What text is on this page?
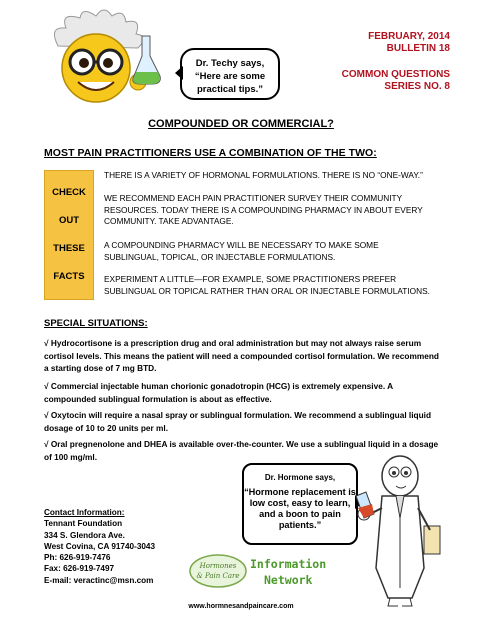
Dr. Techy says,
“Here are some practical tips.”
FEBRUARY, 2014
BULLETIN 18
COMMON QUESTIONS
SERIES NO. 8
COMPOUNDED OR COMMERCIAL?
MOST PAIN PRACTITIONERS USE A COMBINATION OF THE TWO:
CHECK
OUT
THESE
FACTS
THERE IS A VARIETY OF HORMONAL FORMULATIONS. THERE IS NO “ONE-WAY.”
WE RECOMMEND EACH PAIN PRACTITIONER SURVEY THEIR COMMUNITY RESOURCES. TODAY THERE IS A COMPOUNDING PHARMACY IN ABOUT EVERY COMMUNITY. TAKE ADVANTAGE.
A COMPOUNDING PHARMACY WILL BE NECESSARY TO MAKE SOME SUBLINGUAL, TOPICAL, OR INJECTABLE FORMULATIONS.
EXPERIMENT A LITTLE—FOR EXAMPLE, SOME PRACTITIONERS PREFER SUBLINGUAL OR TOPICAL RATHER THAN ORAL OR INJECTABLE FORMULATIONS.
SPECIAL SITUATIONS:
√ Hydrocortisone is a prescription drug and oral administration but may not always raise serum cortisol levels. This means the patient will need a compounded cortisol formulation. We recommend a starting dose of 7 mg BTD.
√ Commercial injectable human chorionic gonadotropin (HCG) is extremely expensive. A compounded sublingual formulation is about as effective.
√ Oxytocin will require a nasal spray or sublingual formulation. We recommend a sublingual liquid dosage of 10 to 20 units per ml.
√ Oral pregnenolone and DHEA is available over-the-counter. We use a sublingual liquid in a dosage of 100 mg/ml.
Dr. Hormone says,
“Hormone replacement is low cost, easy to learn, and a boon to pain patients.”
Contact Information:
Tennant Foundation
334 S. Glendora Ave.
West Covina, CA 91740-3043
Ph: 626-919-7476
Fax: 626-919-7497
E-mail: veractinc@msn.com
Hormones
& Pain Care
Information
Network
www.hormnesandpaincare.com
